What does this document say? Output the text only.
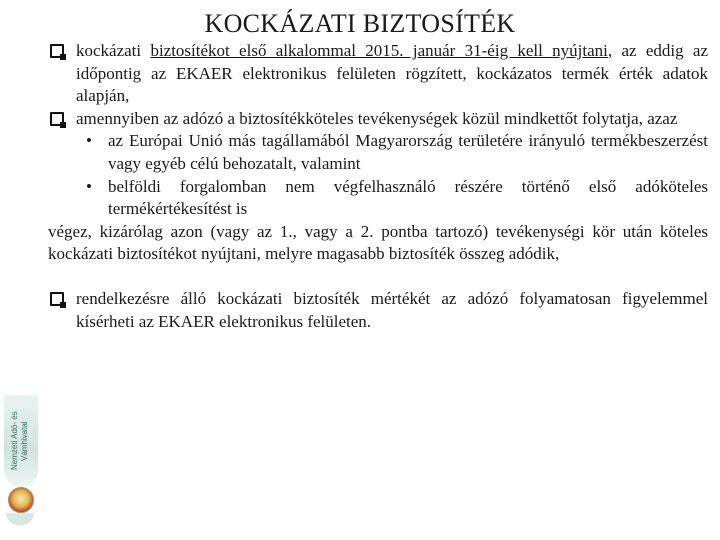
KOCKÁZATI BIZTOSÍTÉK
kockázati biztosítékot első alkalommal 2015. január 31-éig kell nyújtani, az eddig az időpontig az EKAER elektronikus felületen rögzített, kockázatos termék érték adatok alapján,
amennyiben az adózó a biztosítékköteles tevékenységek közül mindkettőt folytatja, azaz
• az Európai Unió más tagállamából Magyarország területére irányuló termékbeszerzést vagy egyéb célú behozatalt, valamint
• belföldi forgalomban nem végfelhasználó részére történő első adóköteles termékértékesítést is
végez, kizárólag azon (vagy az 1., vagy a 2. pontba tartozó) tevékenységi kör után köteles kockázati biztosítékot nyújtani, melyre magasabb biztosíték összeg adódik,
rendelkezésre álló kockázati biztosíték mértékét az adózó folyamatosan figyelemmel kísérheti az EKAER elektronikus felületen.
Nemzeti Adó- és Vámhivatal
